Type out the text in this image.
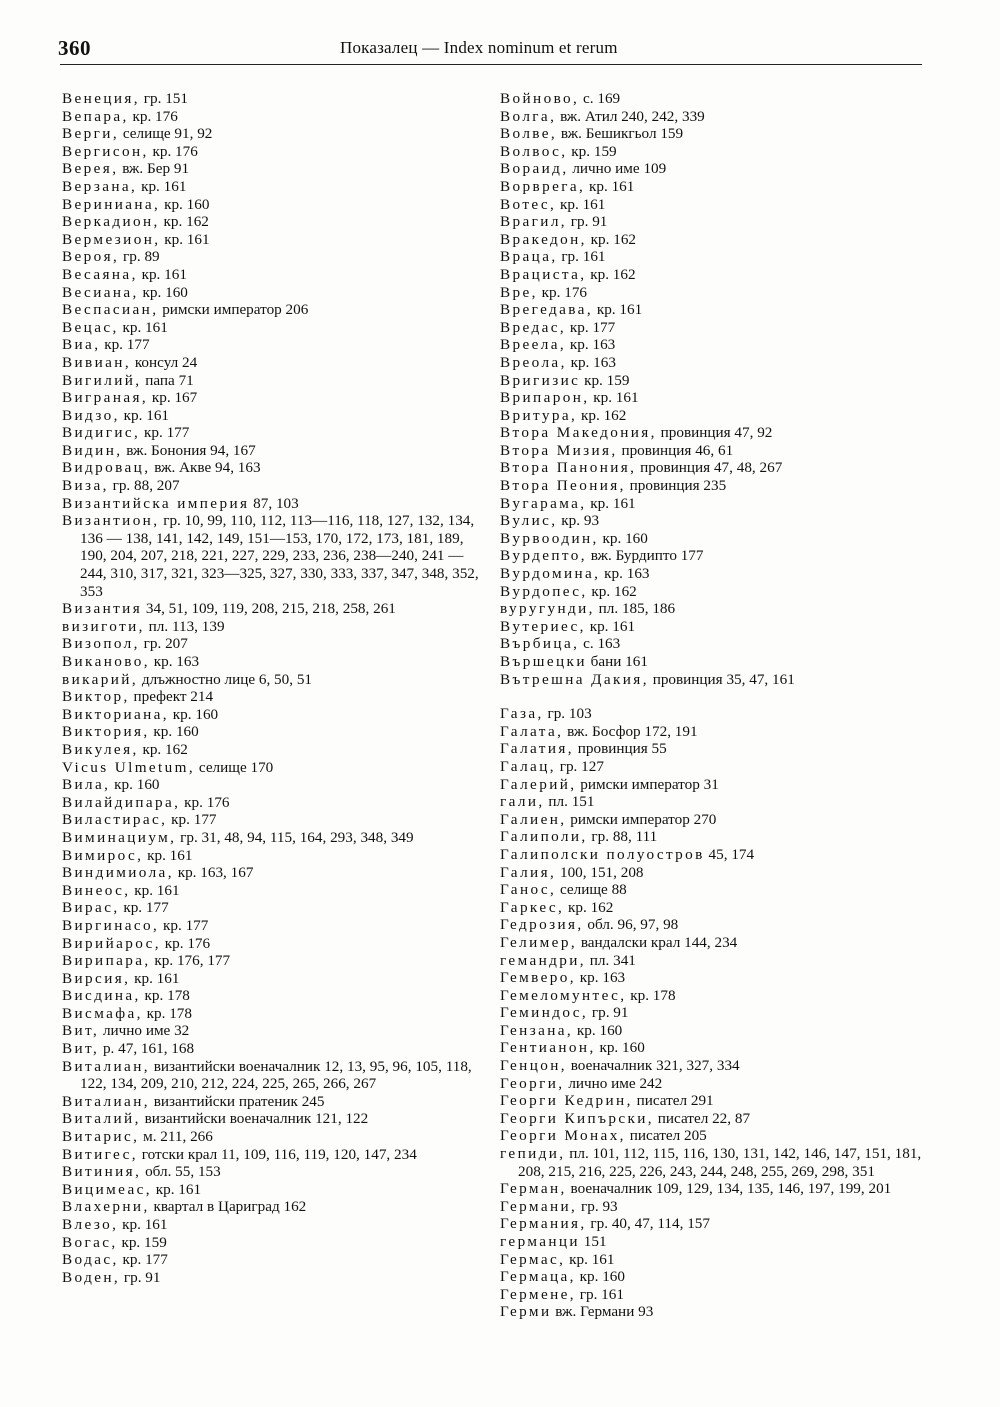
360	Показалец — Index nominum et rerum
Венеция, гр. 151
Вепара, кр. 176
Верги, селище 91, 92
Вергисон, кр. 176
Верея, вж. Бер 91
Верзана, кр. 161
Веринианa, кр. 160
Веркадион, кр. 162
Вермезион, кр. 161
Верoя, гр. 89
Весаяна, кр. 161
Весиана, кр. 160
Веспасиан, римски император 206
Вецас, кр. 161
Виа, кр. 177
Вивиан, консул 24
Вигилий, папа 71
Виграная, кр. 167
Видзо, кр. 161
Видигис, кр. 177
Видин, вж. Бонония 94, 167
Видровац, вж. Акве 94, 163
Виза, гр. 88, 207
Византийска империя 87, 103
Византион, гр. 10, 99, 110, 112, 113—116, 118, 127, 132, 134, 136 — 138, 141, 142, 149, 151—153, 170, 172, 173, 181, 189, 190, 204, 207, 218, 221, 227, 229, 233, 236, 238—240, 241 — 244, 310, 317, 321, 323—325, 327, 330, 333, 337, 347, 348, 352, 353
Византия 34, 51, 109, 119, 208, 215, 218, 258, 261
визиготи, пл. 113, 139
Визопол, гр. 207
Виканово, кр. 163
викарий, длъжностно лице 6, 50, 51
Виктор, префект 214
Викториана, кр. 160
Виктория, кр. 160
Викулея, кр. 162
Vicus Ulmetum, селище 170
Вила, кр. 160
Вилайдипара, кр. 176
Вилaстирас, кр. 177
Виминациум, гр. 31, 48, 94, 115, 164, 293, 348, 349
Вимирос, кр. 161
Виндимиола, кр. 163, 167
Винеос, кр. 161
Вирас, кр. 177
Виргинасо, кр. 177
Вирийарос, кр. 176
Вирипара, кр. 176, 177
Вирсия, кр. 161
Висдина, кр. 178
Висмафа, кр. 178
Вит, лично име 32
Вит, р. 47, 161, 168
Виталиан, византийски военачалник 12, 13, 95, 96, 105, 118, 122, 134, 209, 210, 212, 224, 225, 265, 266, 267
Виталиан, византийски пратеник 245
Виталий, византийски военачалник 121, 122
Витарис, м. 211, 266
Витигес, готски крал 11, 109, 116, 119, 120, 147, 234
Витиния, обл. 55, 153
Вицимеас, кр. 161
Влахерни, квартал в Цариград 162
Влезо, кр. 161
Вогас, кр. 159
Водас, кр. 177
Воден, гр. 91
Войново, с. 169
Волга, вж. Атил 240, 242, 339
Волве, вж. Бешикгьол 159
Волвос, кр. 159
Вораид, лично име 109
Ворврега, кр. 161
Вотес, кр. 161
Врагил, гр. 91
Вракедон, кр. 162
Враца, гр. 161
Врациста, кр. 162
Вре, кр. 176
Врегедава, кр. 161
Вредас, кр. 177
Вреела, кр. 163
Вреола, кр. 163
Вригизис кр. 159
Врипарон, кр. 161
Вритура, кр. 162
Втора Македония, провинция 47, 92
Втора Мизия, провинция 46, 61
Втора Панония, провинция 47, 48, 267
Втора Пеония, провинция 235
Вугарама, кр. 161
Вулис, кр. 93
Вурвоодин, кр. 160
Вурдепто, вж. Бурдипто 177
Вурдомина, кр. 163
Вурдопес, кр. 162
вуругунди, пл. 185, 186
Вутериес, кр. 161
Върбица, с. 163
Вършецки бани 161
Вътрешна Дакия, провинция 35, 47, 161
Газа, гр. 103
Галата, вж. Босфор 172, 191
Галатия, провинция 55
Галац, гр. 127
Галерий, римски император 31
гали, пл. 151
Галиен, римски император 270
Галиполи, гр. 88, 111
Галиполски полуостров 45, 174
Галия, 100, 151, 208
Ганос, селище 88
Гаркес, кр. 162
Гедрозия, обл. 96, 97, 98
Гелимер, вандалски крал 144, 234
гемандри, пл. 341
Гемверо, кр. 163
Гемеломунтес, кр. 178
Геминдос, гр. 91
Гензана, кр. 160
Гентианон, кр. 160
Генцон, военачалник 321, 327, 334
Георги, лично име 242
Георги Кедрин, писател 291
Георги Кипърски, писател 22, 87
Георги Монах, писател 205
гепиди, пл. 101, 112, 115, 116, 130, 131, 142, 146, 147, 151, 181, 208, 215, 216, 225, 226, 243, 244, 248, 255, 269, 298, 351
Герман, военачалник 109, 129, 134, 135, 146, 197, 199, 201
Германи, гр. 93
Германия, гр. 40, 47, 114, 157
германци 151
Гермас, кр. 161
Гермаца, кр. 160
Гермене, гр. 161
Герми вж. Германи 93
